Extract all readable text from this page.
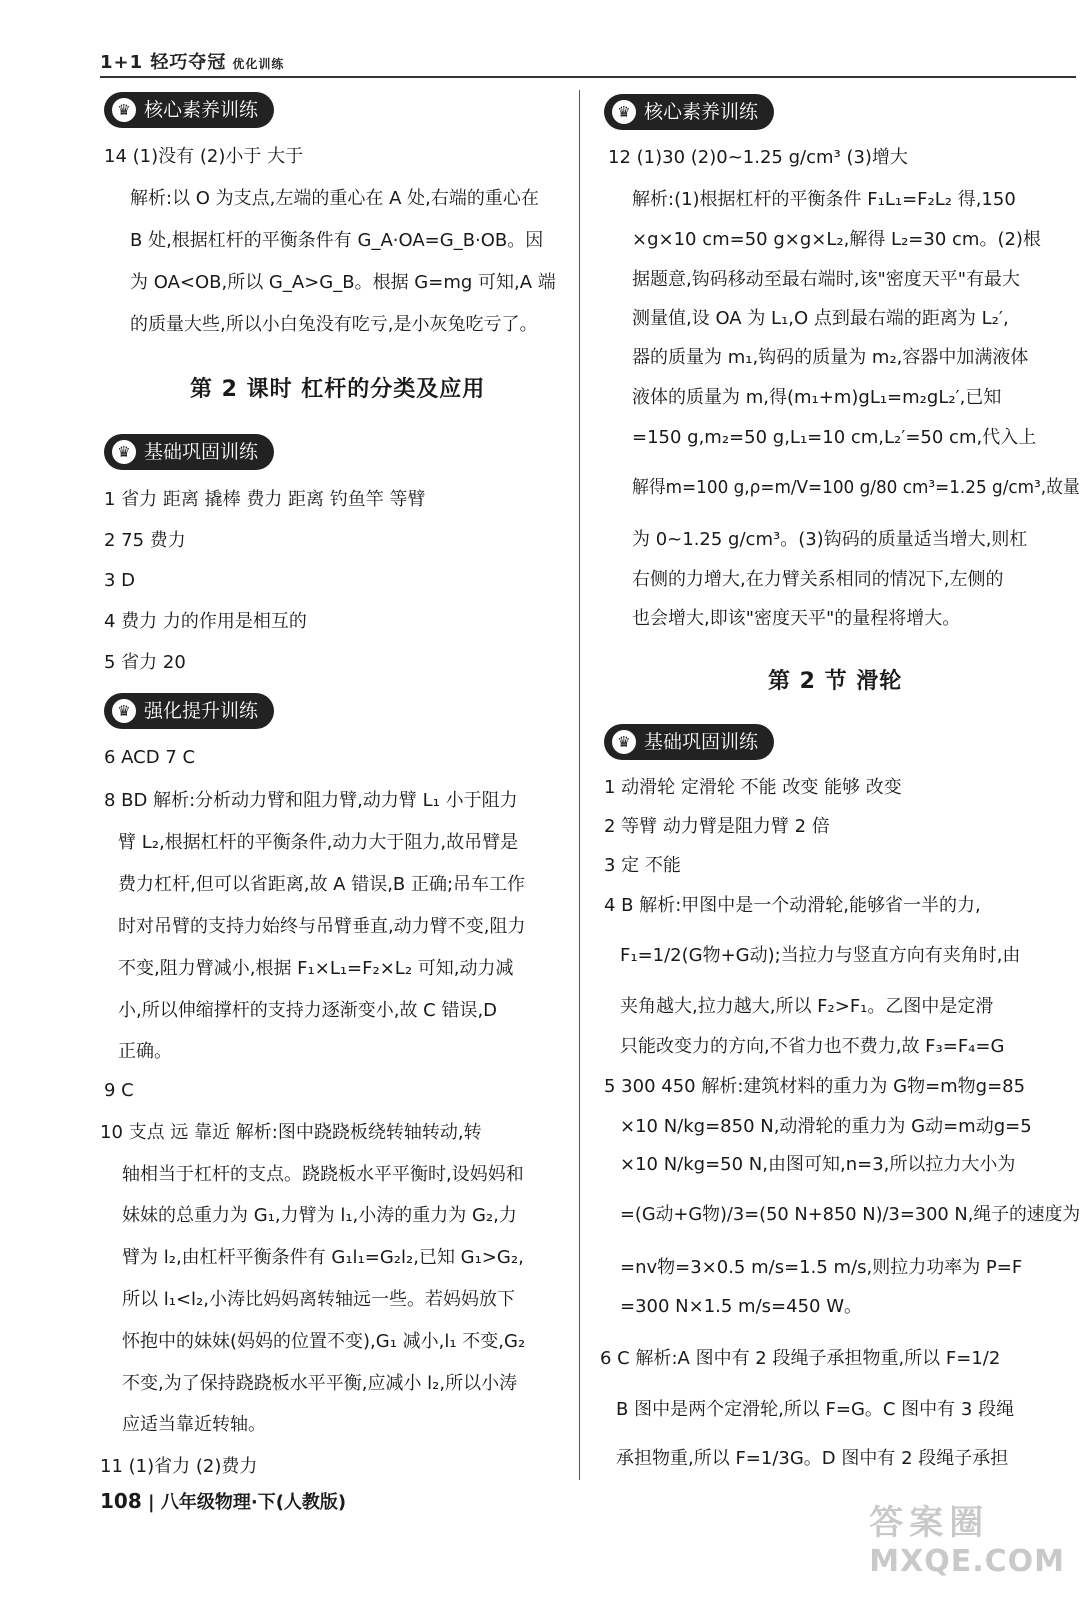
1+1 轻巧夺冠 优化训练
♛ 核心素养训练
14 (1)没有 (2)小于 大于
解析:以 O 为支点,左端的重心在 A 处,右端的重心在
B 处,根据杠杆的平衡条件有 G_A·OA=G_B·OB。因
为 OA<OB,所以 G_A>G_B。根据 G=mg 可知,A 端
的质量大些,所以小白兔没有吃亏,是小灰兔吃亏了。
第 2 课时 杠杆的分类及应用
♛ 基础巩固训练
1 省力 距离 撬棒 费力 距离 钓鱼竿 等臂
2 75 费力
3 D
4 费力 力的作用是相互的
5 省力 20
♛ 强化提升训练
6 ACD 7 C
8 BD 解析:分析动力臂和阻力臂,动力臂 L₁ 小于阻力
臂 L₂,根据杠杆的平衡条件,动力大于阻力,故吊臂是
费力杠杆,但可以省距离,故 A 错误,B 正确;吊车工作
时对吊臂的支持力始终与吊臂垂直,动力臂不变,阻力
不变,阻力臂减小,根据 F₁×L₁=F₂×L₂ 可知,动力减
小,所以伸缩撑杆的支持力逐渐变小,故 C 错误,D
正确。
9 C
10 支点 远 靠近 解析:图中跷跷板绕转轴转动,转
轴相当于杠杆的支点。跷跷板水平平衡时,设妈妈和
妹妹的总重力为 G₁,力臂为 l₁,小涛的重力为 G₂,力
臂为 l₂,由杠杆平衡条件有 G₁l₁=G₂l₂,已知 G₁>G₂,
所以 l₁<l₂,小涛比妈妈离转轴远一些。若妈妈放下
怀抱中的妹妹(妈妈的位置不变),G₁ 减小,l₁ 不变,G₂
不变,为了保持跷跷板水平平衡,应减小 l₂,所以小涛
应适当靠近转轴。
11 (1)省力 (2)费力
♛ 核心素养训练
12 (1)30 (2)0~1.25 g/cm³ (3)增大
解析:(1)根据杠杆的平衡条件 F₁L₁=F₂L₂ 得,150
×g×10 cm=50 g×g×L₂,解得 L₂=30 cm。(2)根
据题意,钩码移动至最右端时,该"密度天平"有最大
测量值,设 OA 为 L₁,O 点到最右端的距离为 L₂′,
器的质量为 m₁,钩码的质量为 m₂,容器中加满液体
液体的质量为 m,得(m₁+m)gL₁=m₂gL₂′,已知
=150 g,m₂=50 g,L₁=10 cm,L₂′=50 cm,代入上
解得m=100 g,ρ=m/V=100 g/80 cm³=1.25 g/cm³,故量
为 0~1.25 g/cm³。(3)钩码的质量适当增大,则杠
右侧的力增大,在力臂关系相同的情况下,左侧的
也会增大,即该"密度天平"的量程将增大。
第 2 节 滑轮
♛ 基础巩固训练
1 动滑轮 定滑轮 不能 改变 能够 改变
2 等臂 动力臂是阻力臂 2 倍
3 定 不能
4 B 解析:甲图中是一个动滑轮,能够省一半的力,
F₁=1/2(G物+G动);当拉力与竖直方向有夹角时,由
夹角越大,拉力越大,所以 F₂>F₁。乙图中是定滑
只能改变力的方向,不省力也不费力,故 F₃=F₄=G
5 300 450 解析:建筑材料的重力为 G物=m物g=85
×10 N/kg=850 N,动滑轮的重力为 G动=m动g=5
×10 N/kg=50 N,由图可知,n=3,所以拉力大小为
=(G动+G物)/3=(50 N+850 N)/3=300 N,绳子的速度为
=nv物=3×0.5 m/s=1.5 m/s,则拉力功率为 P=F
=300 N×1.5 m/s=450 W。
6 C 解析:A 图中有 2 段绳子承担物重,所以 F=1/2
B 图中是两个定滑轮,所以 F=G。C 图中有 3 段绳
承担物重,所以 F=1/3G。D 图中有 2 段绳子承担
108 | 八年级物理·下(人教版)
答案圈
MXQE.COM
